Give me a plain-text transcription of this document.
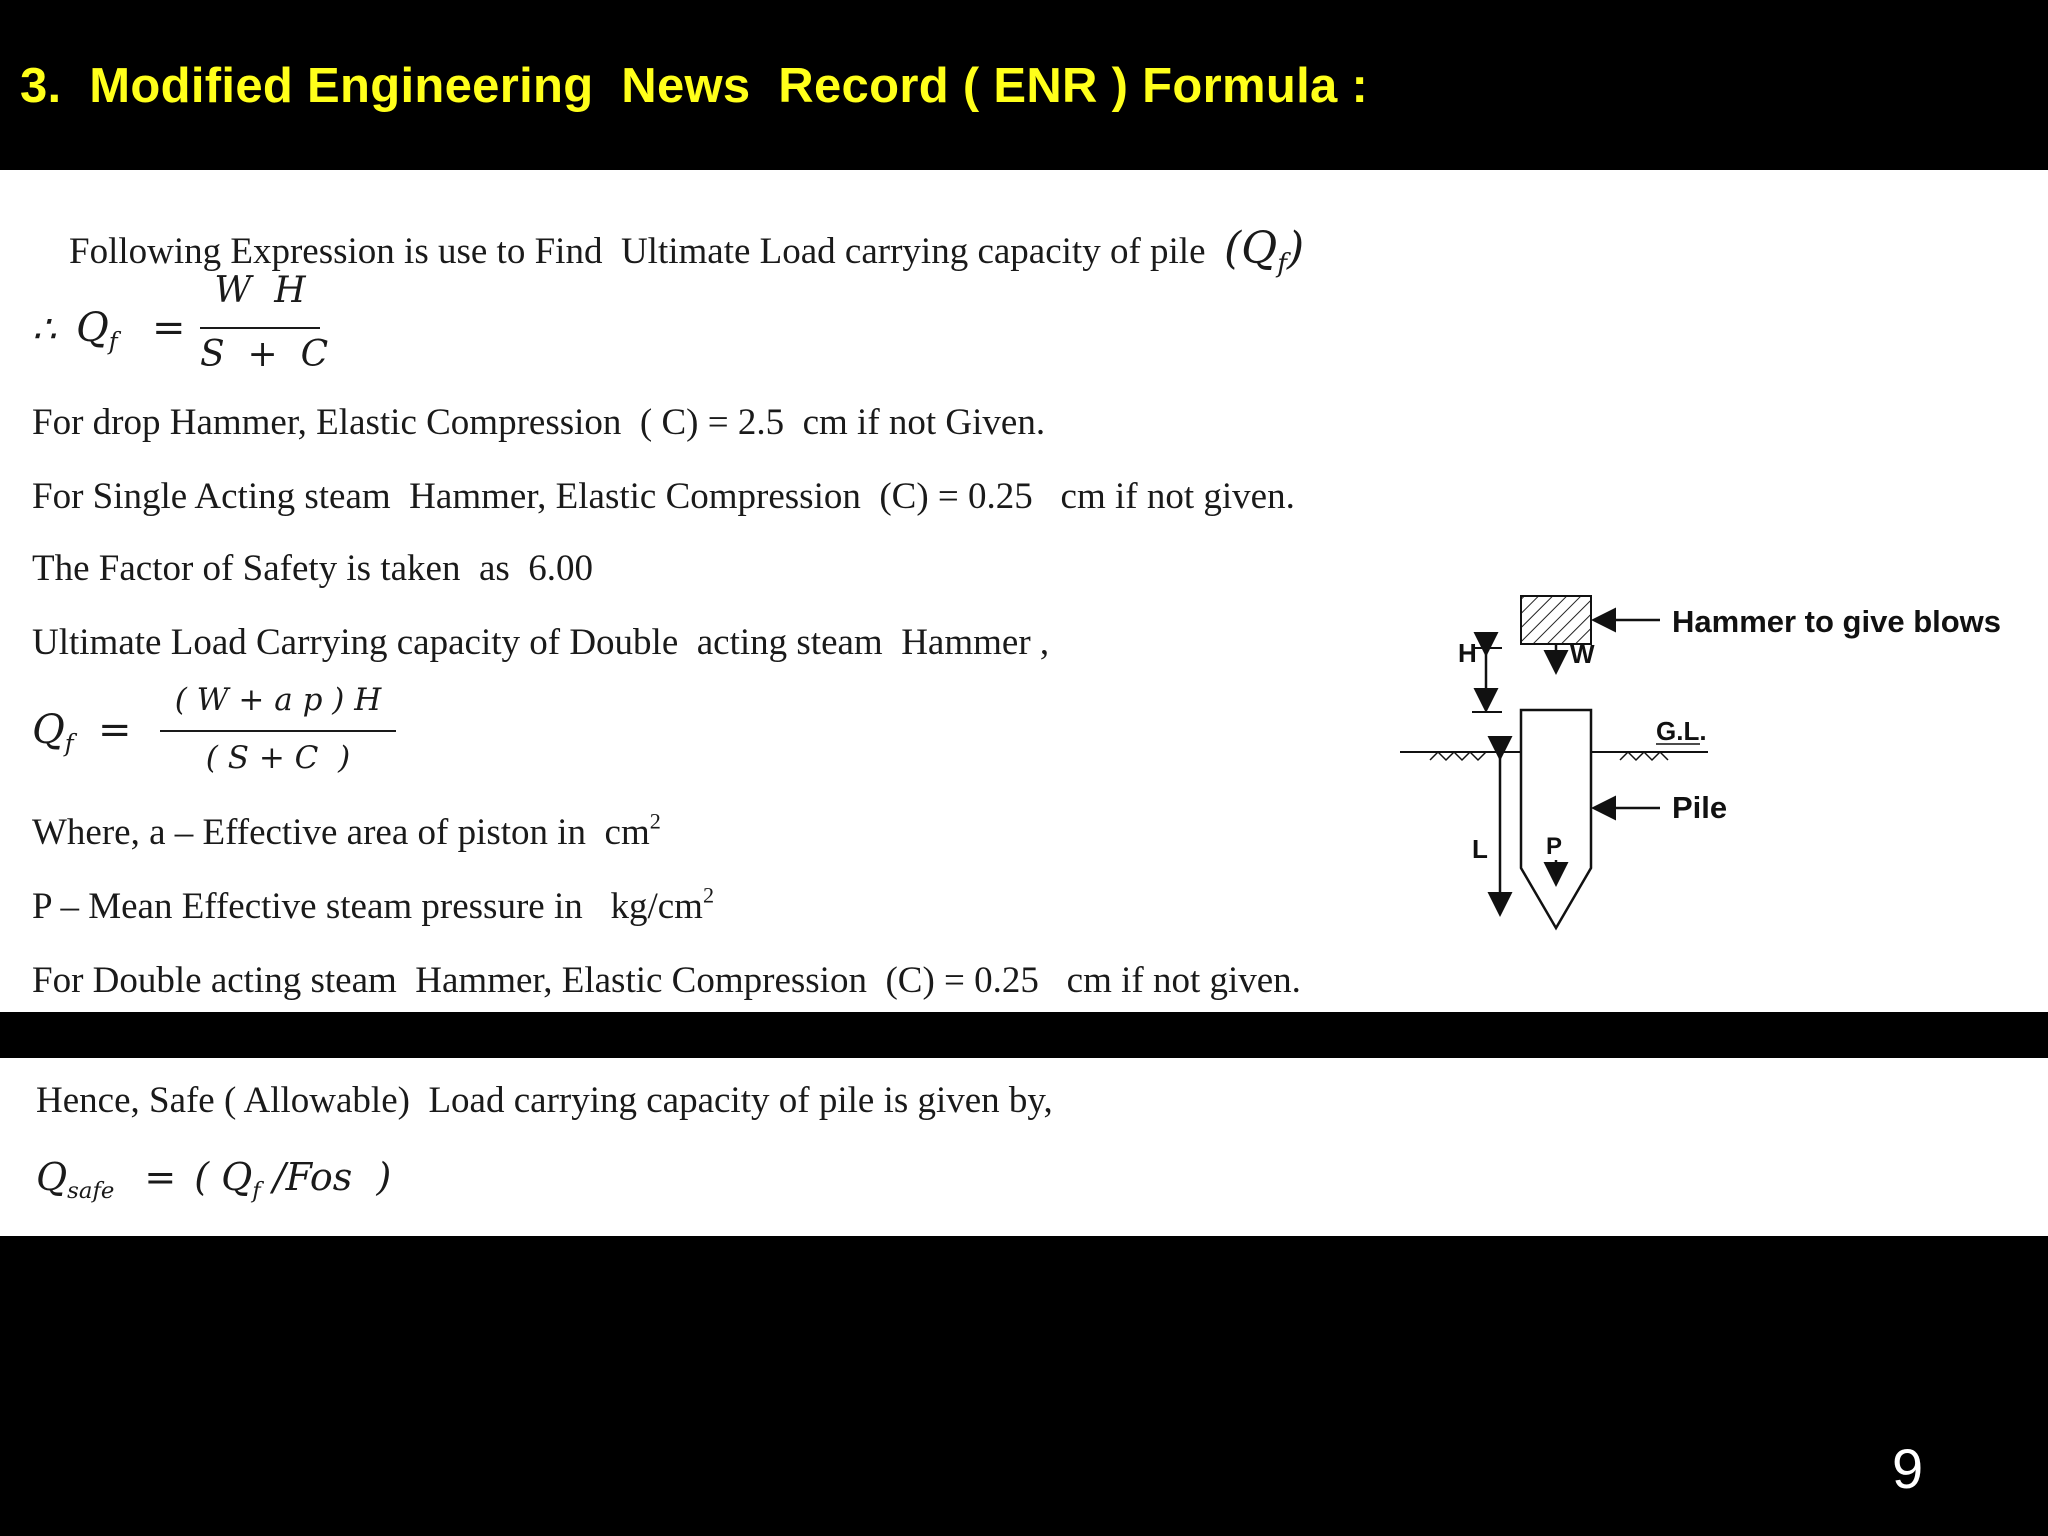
3.  Modified Engineering  News  Record ( ENR ) Formula :

Following Expression is use to Find  Ultimate Load carrying capacity of pile  $(Q_f)$

∴ $Q_f$ =
W  H
S  +  C
For drop Hammer, Elastic Compression  ( C) = 2.5  cm if not Given.
For Single Acting steam  Hammer, Elastic Compression  (C) = 0.25   cm if not given.
The Factor of Safety is taken  as  6.00
Ultimate Load Carrying capacity of Double  acting steam  Hammer ,
$Q_f$ =
( W + a p ) H
( S + C  )
Where, a – Effective area of piston in  $cm^2$
P – Mean Effective steam pressure in   $kg/cm^2$
For Double acting steam  Hammer, Elastic Compression  (C) = 0.25   cm if not given.
Hammer to give blows
W
H
G.L.
L P
Pile
Hence, Safe ( Allowable)  Load carrying capacity of pile is given by,
$Q_{safe}$ = ( $Q_f$ /Fos  )
9
